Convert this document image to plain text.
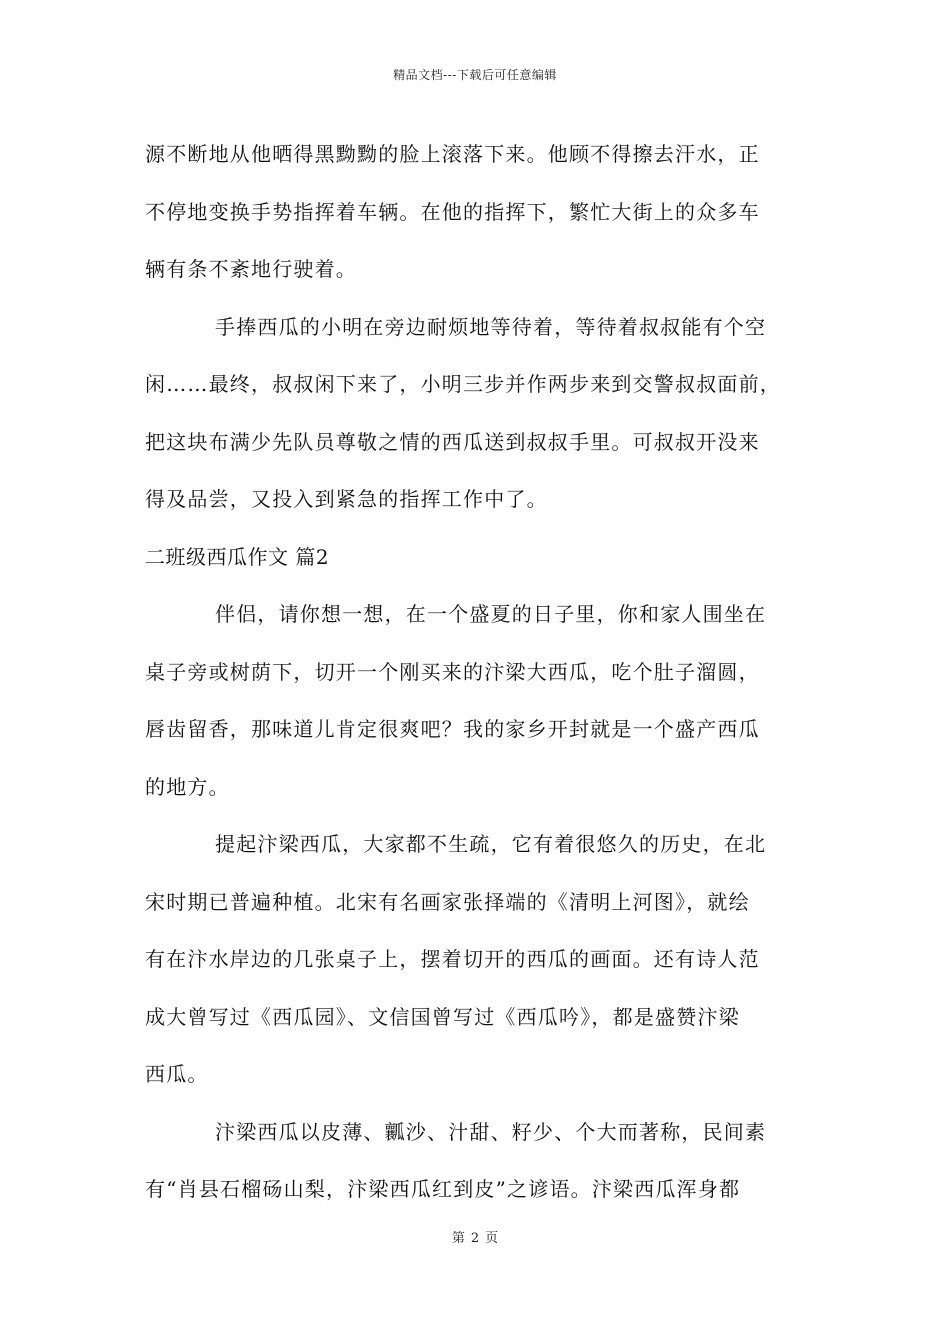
精品文档---下载后可任意编辑
源不断地从他晒得黑黝黝的脸上滚落下来。他顾不得擦去汗水，正
不停地变换手势指挥着车辆。在他的指挥下，繁忙大街上的众多车
辆有条不紊地行驶着。
手捧西瓜的小明在旁边耐烦地等待着，等待着叔叔能有个空
闲……最终，叔叔闲下来了，小明三步并作两步来到交警叔叔面前，
把这块布满少先队员尊敬之情的西瓜送到叔叔手里。可叔叔开没来
得及品尝，又投入到紧急的指挥工作中了。
二班级西瓜作文 篇2
伴侣，请你想一想，在一个盛夏的日子里，你和家人围坐在
桌子旁或树荫下，切开一个刚买来的汴梁大西瓜，吃个肚子溜圆，
唇齿留香，那味道儿肯定很爽吧？我的家乡开封就是一个盛产西瓜
的地方。
提起汴梁西瓜，大家都不生疏，它有着很悠久的历史，在北
宋时期已普遍种植。北宋有名画家张择端的《清明上河图》，就绘
有在汴水岸边的几张桌子上，摆着切开的西瓜的画面。还有诗人范
成大曾写过《西瓜园》、文信国曾写过《西瓜吟》，都是盛赞汴梁
西瓜。
汴梁西瓜以皮薄、瓤沙、汁甜、籽少、个大而著称，民间素
有“肖县石榴砀山梨，汴梁西瓜红到皮”之谚语。汴梁西瓜浑身都
第 2 页
